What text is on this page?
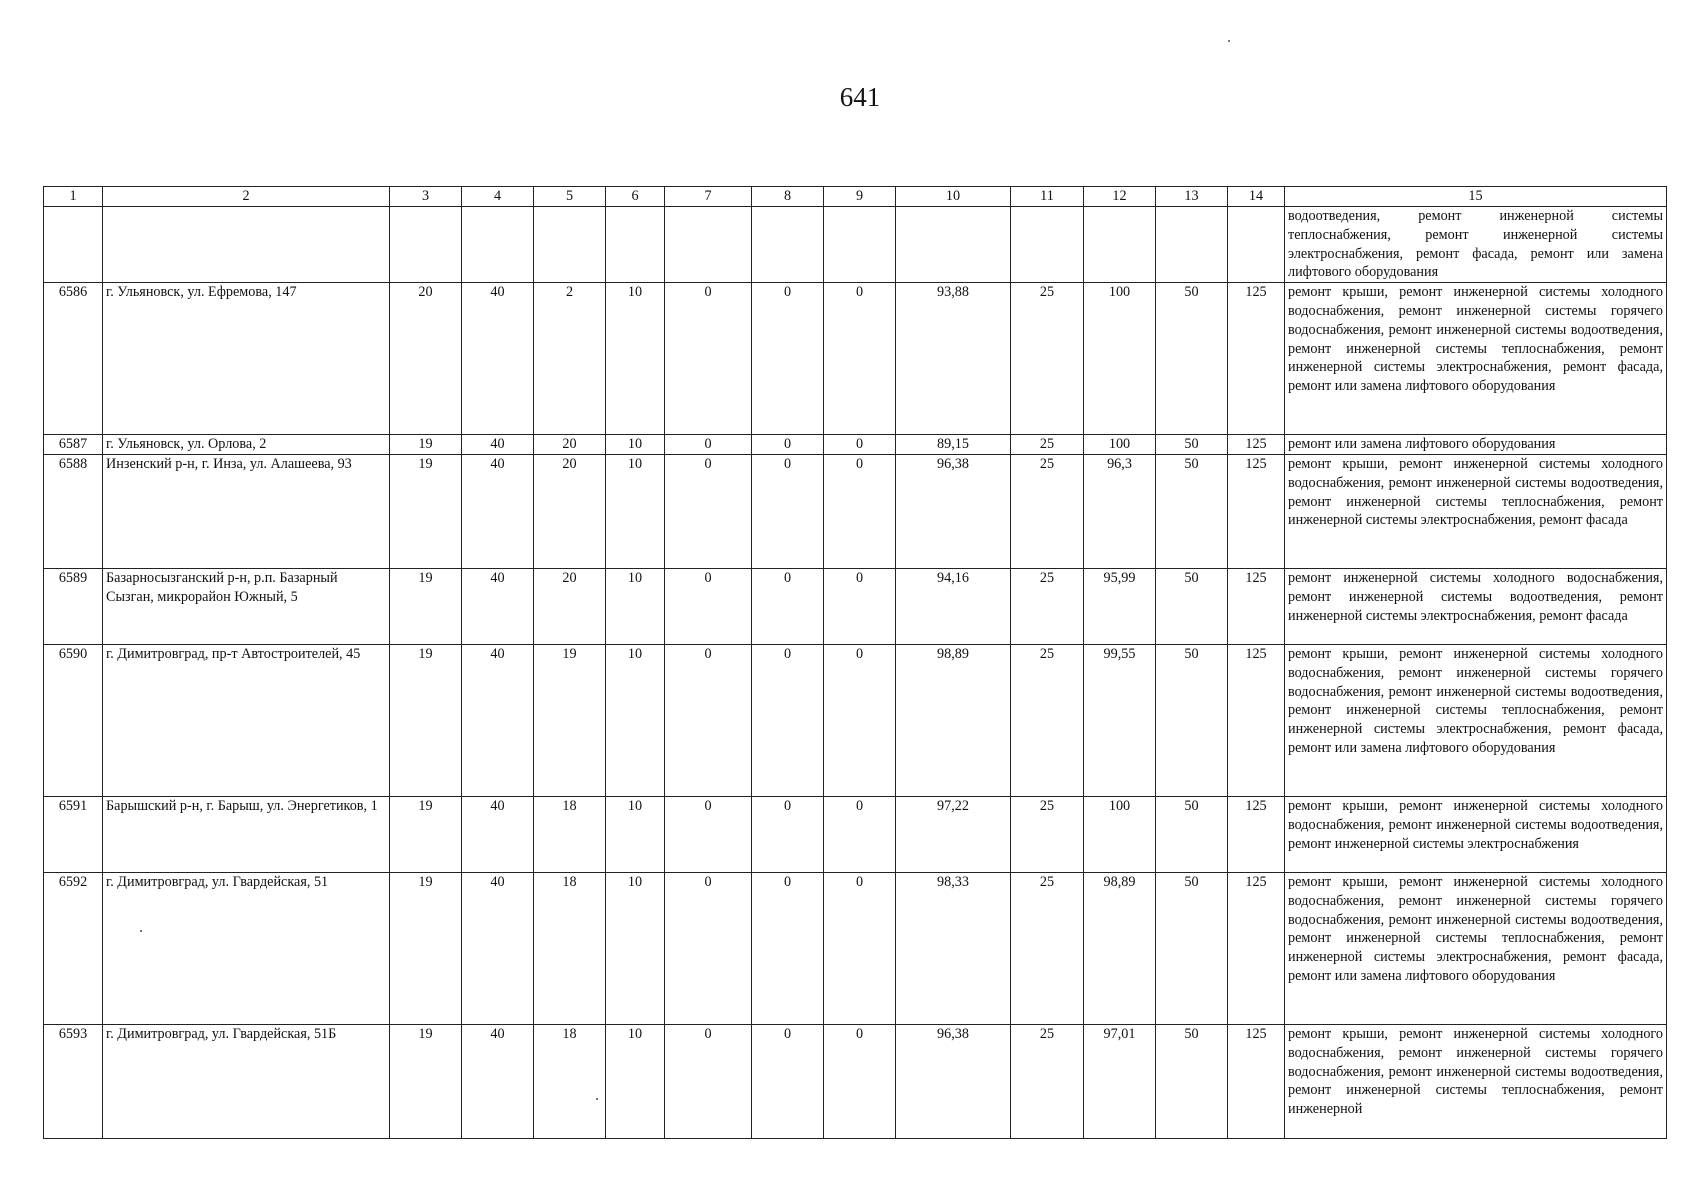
641
1	2	3	4	5	6	7	8	9	10	11	12	13	14	15
														водоотведения, ремонт инженерной системы теплоснабжения, ремонт инженерной системы электроснабжения, ремонт фасада, ремонт или замена лифтового оборудования
6586	г. Ульяновск, ул. Ефремова, 147	20	40	2	10	0	0	0	93,88	25	100	50	125	ремонт крыши, ремонт инженерной системы холодного водоснабжения, ремонт инженерной системы горячего водоснабжения, ремонт инженерной системы водоотведения, ремонт инженерной системы теплоснабжения, ремонт инженерной системы электроснабжения, ремонт фасада, ремонт или замена лифтового оборудования
6587	г. Ульяновск, ул. Орлова, 2	19	40	20	10	0	0	0	89,15	25	100	50	125	ремонт или замена лифтового оборудования
6588	Инзенский р-н, г. Инза, ул. Алашеева, 93	19	40	20	10	0	0	0	96,38	25	96,3	50	125	ремонт крыши, ремонт инженерной системы холодного водоснабжения, ремонт инженерной системы водоотведения, ремонт инженерной системы теплоснабжения, ремонт инженерной системы электроснабжения, ремонт фасада
6589	Базарносызганский р-н, р.п. Базарный Сызган, микрорайон Южный, 5	19	40	20	10	0	0	0	94,16	25	95,99	50	125	ремонт инженерной системы холодного водоснабжения, ремонт инженерной системы водоотведения, ремонт инженерной системы электроснабжения, ремонт фасада
6590	г. Димитровград, пр-т Автостроителей, 45	19	40	19	10	0	0	0	98,89	25	99,55	50	125	ремонт крыши, ремонт инженерной системы холодного водоснабжения, ремонт инженерной системы горячего водоснабжения, ремонт инженерной системы водоотведения, ремонт инженерной системы теплоснабжения, ремонт инженерной системы электроснабжения, ремонт фасада, ремонт или замена лифтового оборудования
6591	Барышский р-н, г. Барыш, ул. Энергетиков, 1	19	40	18	10	0	0	0	97,22	25	100	50	125	ремонт крыши, ремонт инженерной системы холодного водоснабжения, ремонт инженерной системы водоотведения, ремонт инженерной системы электроснабжения
6592	г. Димитровград, ул. Гвардейская, 51	19	40	18	10	0	0	0	98,33	25	98,89	50	125	ремонт крыши, ремонт инженерной системы холодного водоснабжения, ремонт инженерной системы горячего водоснабжения, ремонт инженерной системы водоотведения, ремонт инженерной системы теплоснабжения, ремонт инженерной системы электроснабжения, ремонт фасада, ремонт или замена лифтового оборудования
6593	г. Димитровград, ул. Гвардейская, 51Б	19	40	18	10	0	0	0	96,38	25	97,01	50	125	ремонт крыши, ремонт инженерной системы холодного водоснабжения, ремонт инженерной системы горячего водоснабжения, ремонт инженерной системы водоотведения, ремонт инженерной системы теплоснабжения, ремонт инженерной
